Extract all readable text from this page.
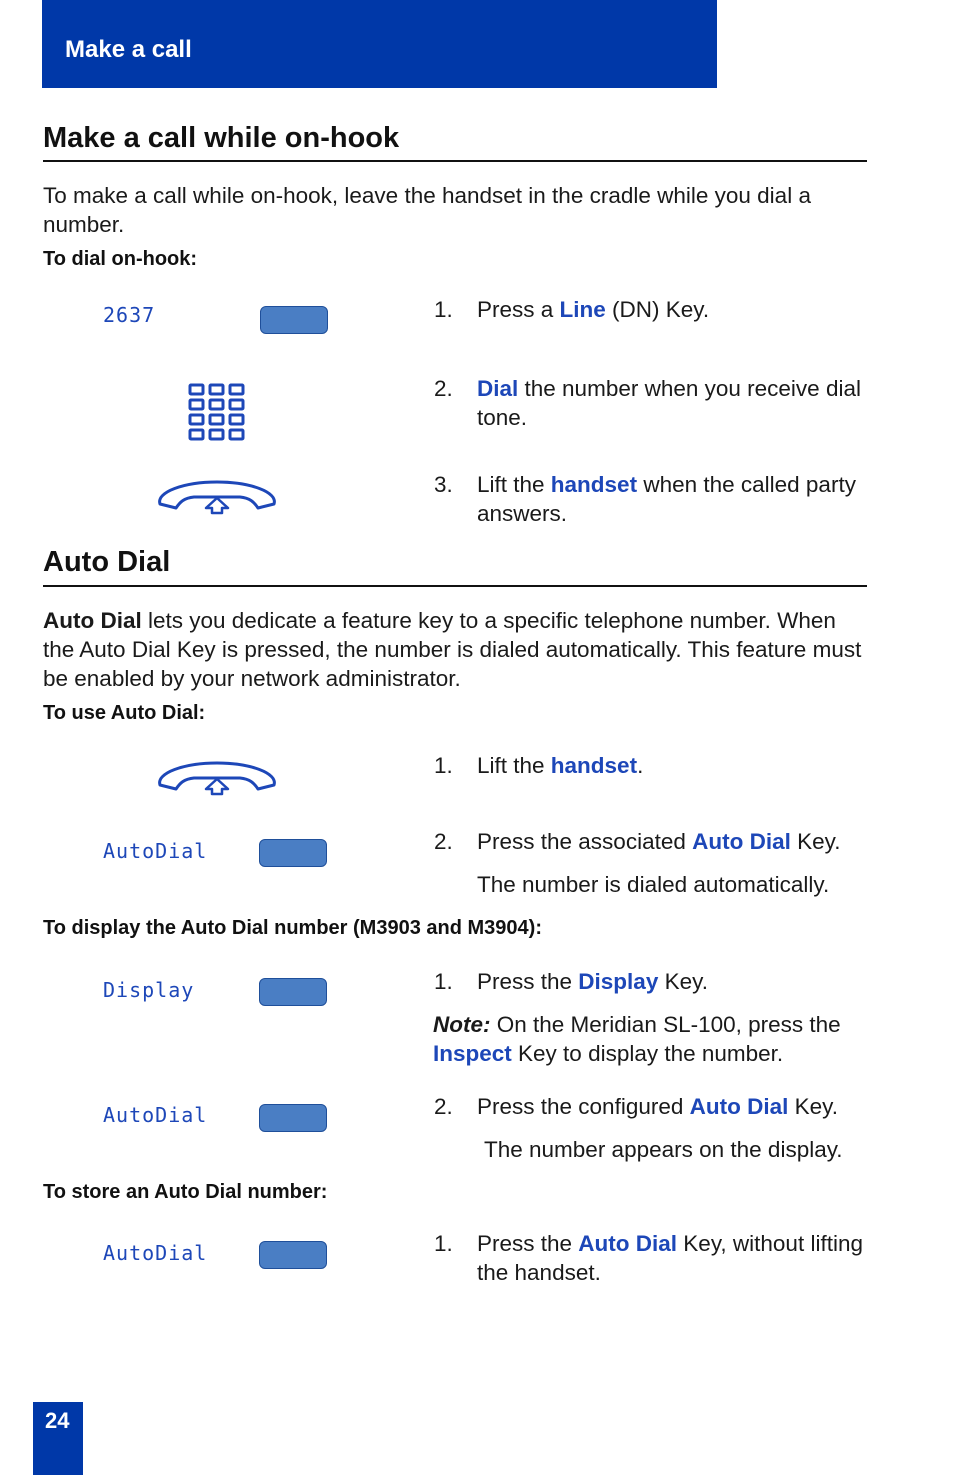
Make a call
Make a call while on-hook
To make a call while on-hook, leave the handset in the cradle while you dial a number.
To dial on-hook:
2637	1. Press a Line (DN) Key.
2. Dial the number when you receive dial tone.
3. Lift the handset when the called party answers.
Auto Dial
Auto Dial lets you dedicate a feature key to a specific telephone number. When the Auto Dial Key is pressed, the number is dialed automatically. This feature must be enabled by your network administrator.
To use Auto Dial:
AutoDial
1. Lift the handset.
2. Press the associated Auto Dial Key.
The number is dialed automatically.
To display the Auto Dial number (M3903 and M3904):
Display
AutoDial
1. Press the Display Key.
Note: On the Meridian SL-100, press the Inspect Key to display the number.
2. Press the configured Auto Dial Key.
The number appears on the display.
To store an Auto Dial number:
AutoDial	1. Press the Auto Dial Key, without lifting the handset.
24
